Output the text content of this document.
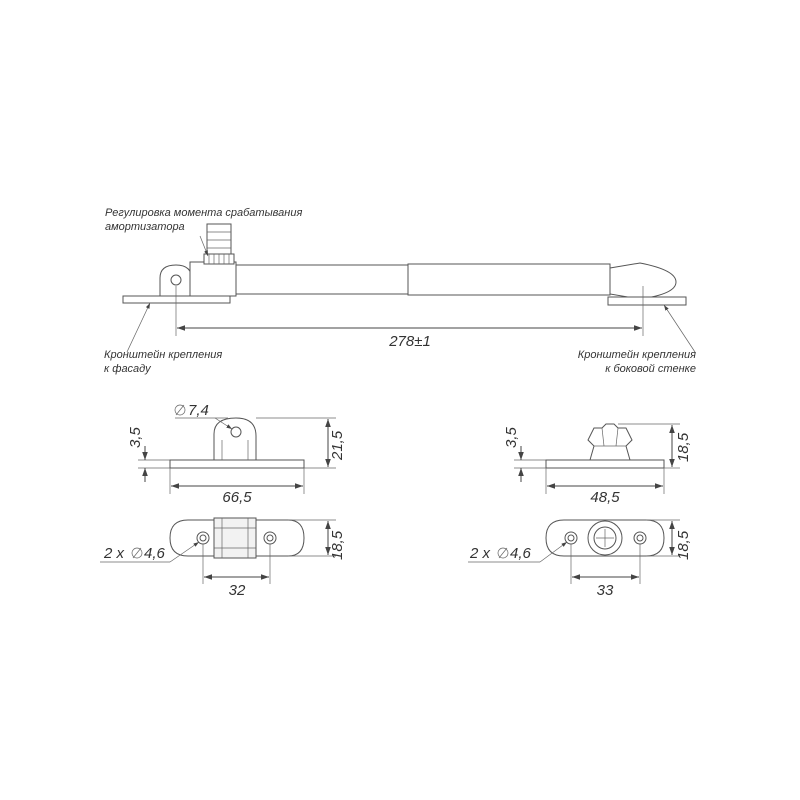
Регулировка момента срабатывания
амортизатора
Кронштейн крепления
к фасаду
Кронштейн крепления
к боковой стенке
278±1
7,4
3,5	21,5
66,5
18,5
2 x 4,6
32
3,5	18,5
48,5
18,5
2 x 4,6
33
